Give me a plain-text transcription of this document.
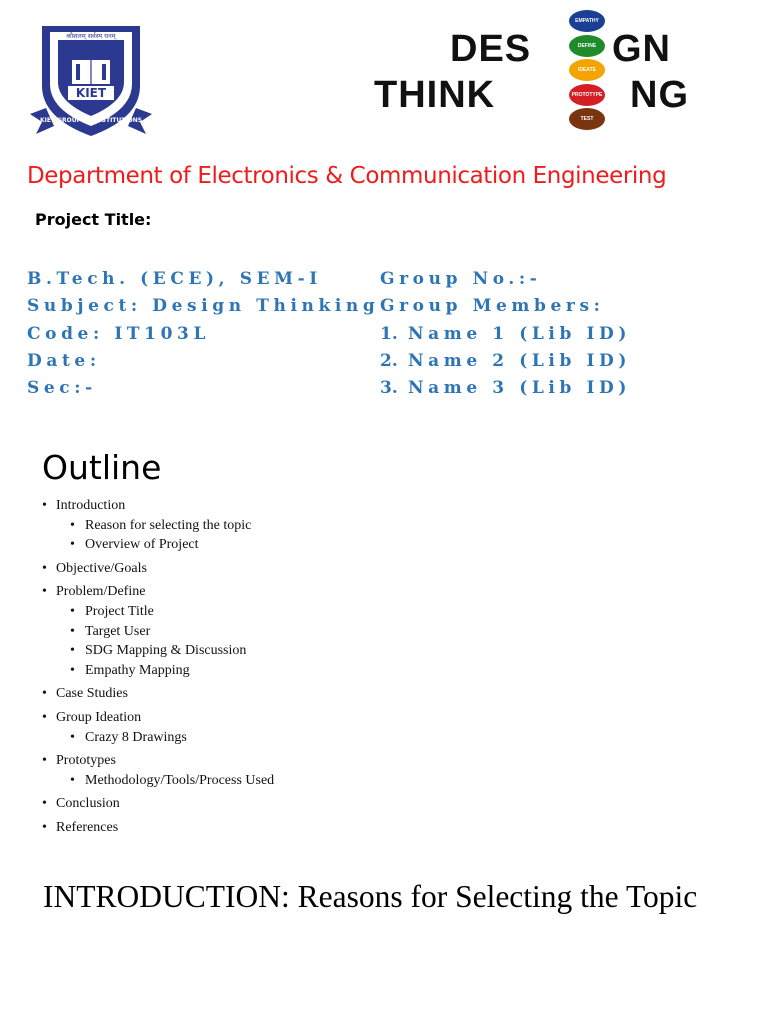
कौशलम् सर्वस्य धनम्
KIET GROUP OF INSTITUTIONS
KIET
DES GN
THINK	NG
EMPATHY
DEFINE
IDEATE
PROTOTYPE
TEST
Department of Electronics & Communication Engineering
Project Title:
B.Tech. (ECE), SEM-I
Subject: Design Thinking
Code: IT103L
Date:
Sec:-
Group No.:-
Group Members:
1. Name 1 (Lib ID)
2. Name 2 (Lib ID)
3. Name 3 (Lib ID)
Outline
• Introduction
• Reason for selecting the topic
• Overview of Project
• Objective/Goals
• Problem/Define
• Project Title
• Target User
• SDG Mapping & Discussion
• Empathy Mapping
• Case Studies
• Group Ideation
• Crazy 8 Drawings
• Prototypes
• Methodology/Tools/Process Used
• Conclusion
• References
INTRODUCTION: Reasons for Selecting the Topic
